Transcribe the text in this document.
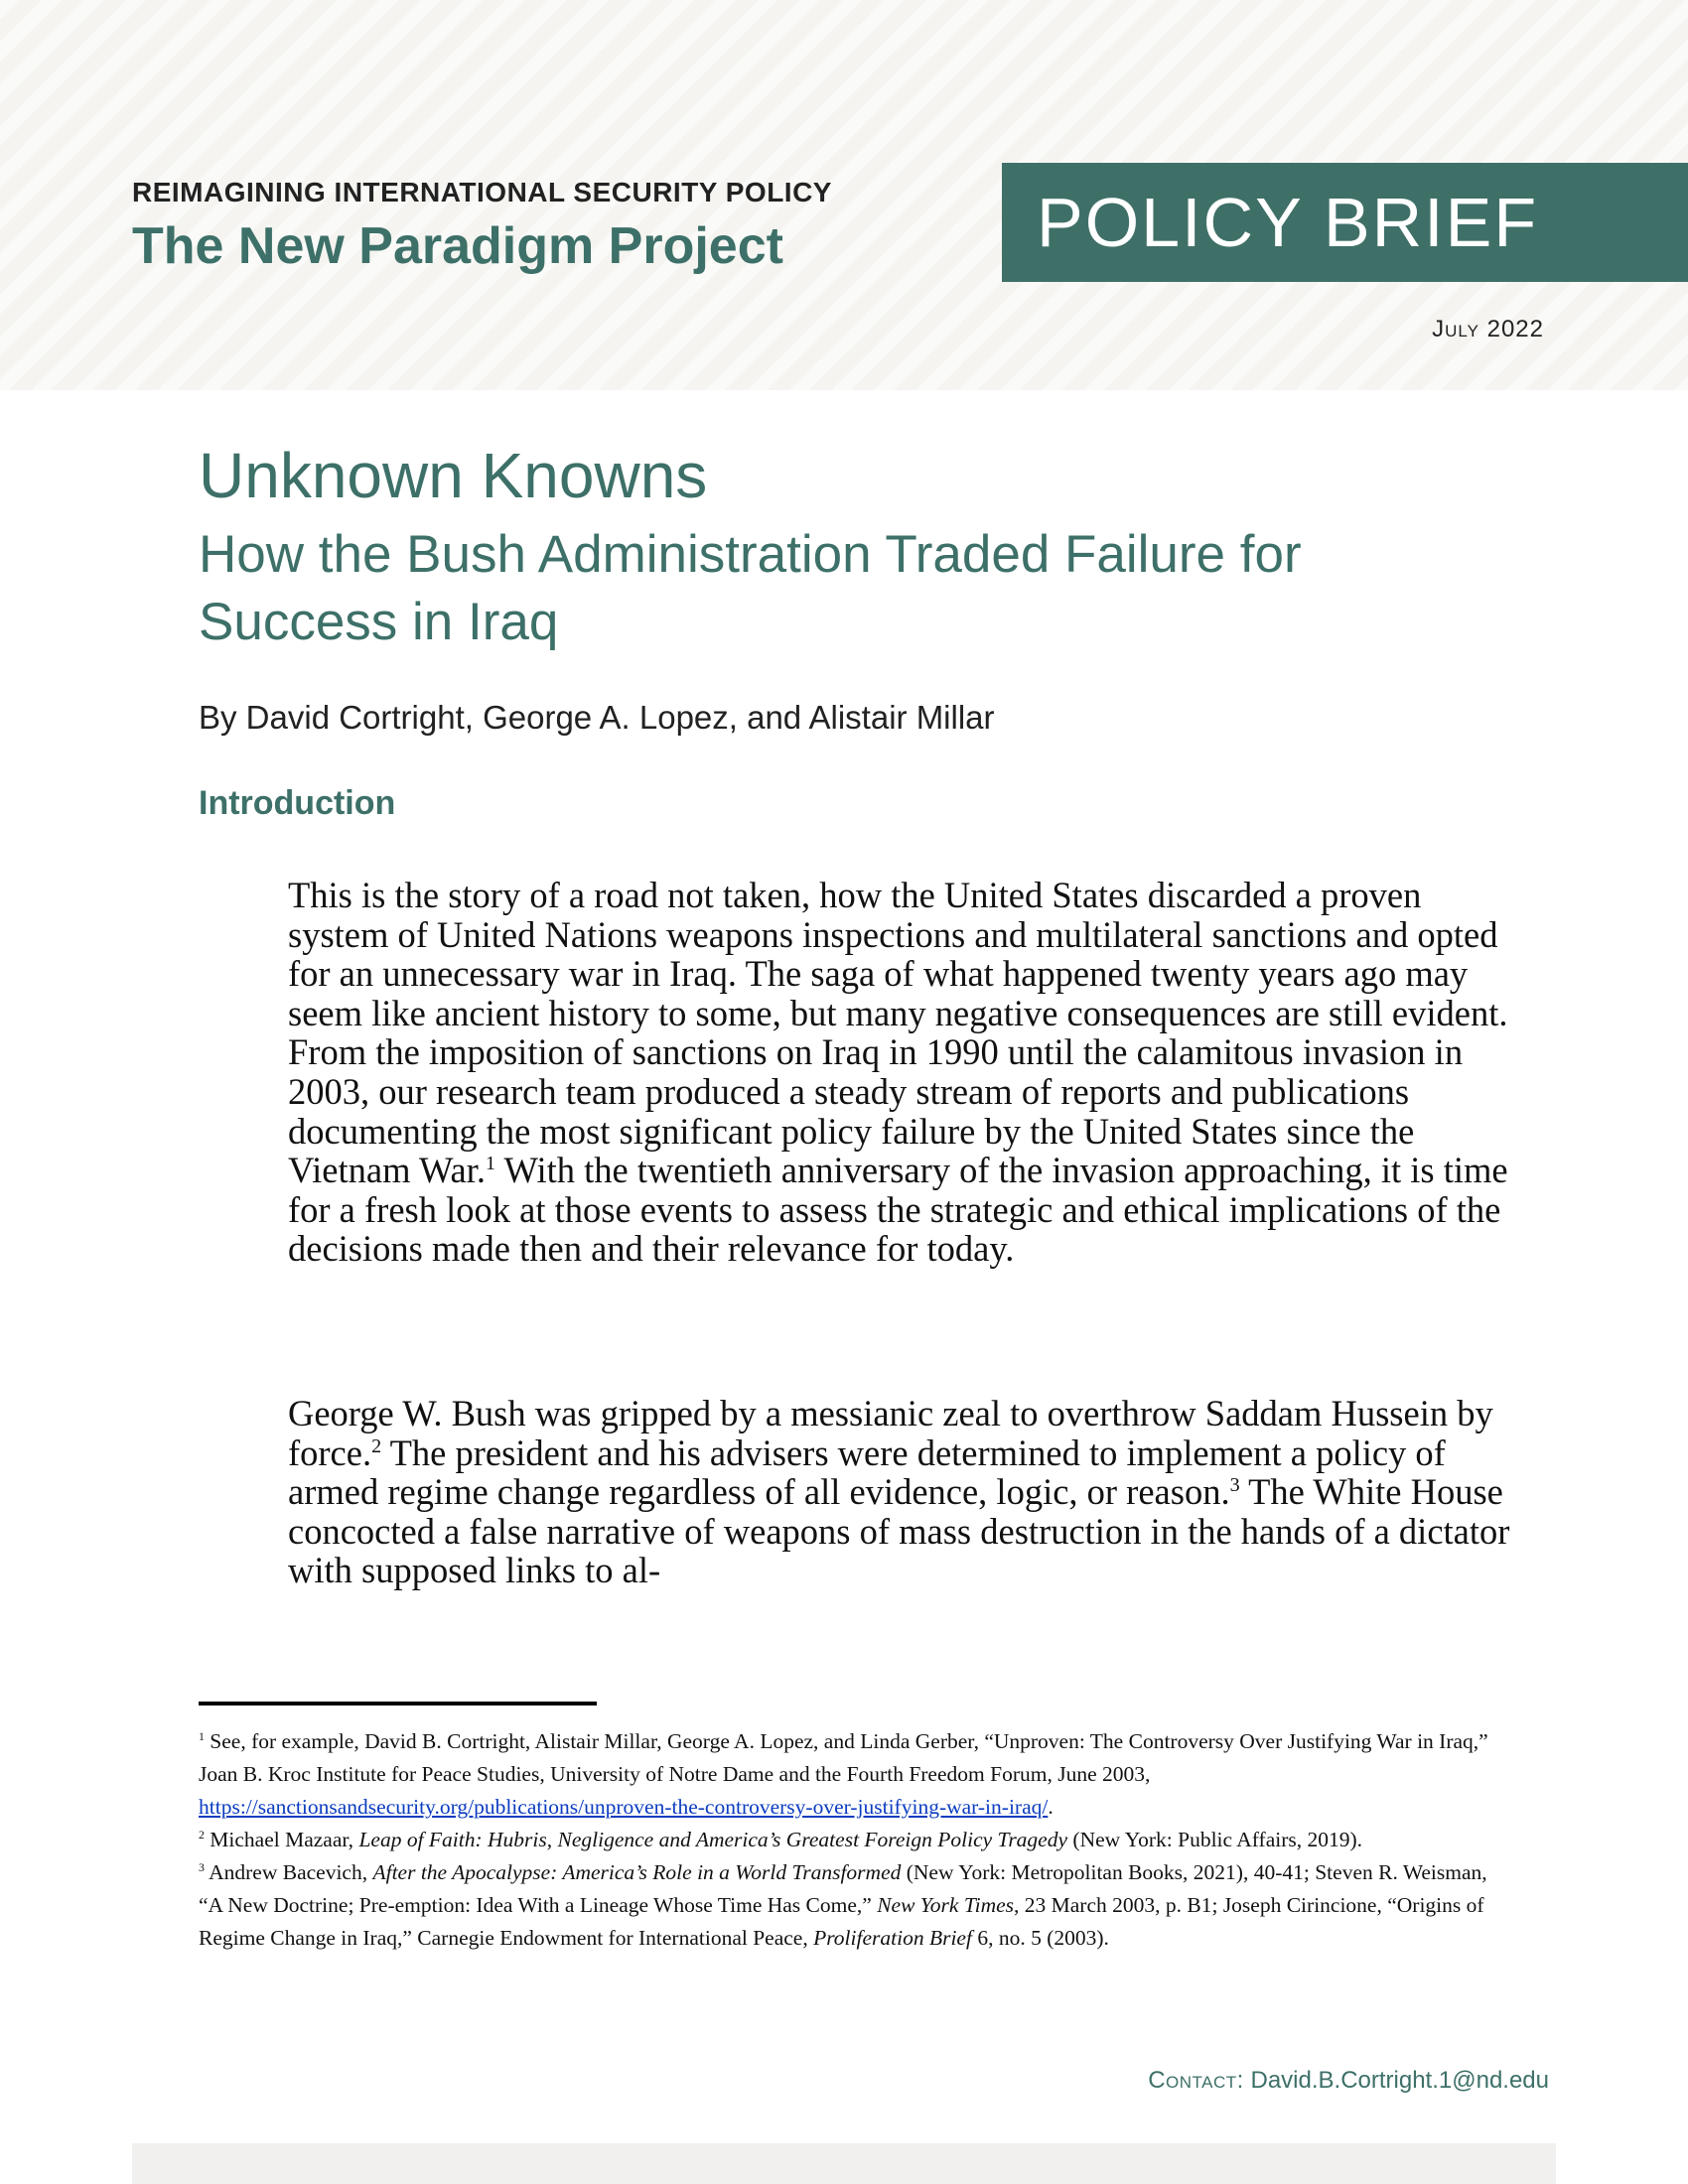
REIMAGINING INTERNATIONAL SECURITY POLICY

The New Paradigm Project	POLICY BRIEF
July 2022
Unknown Knowns
How the Bush Administration Traded Failure for Success in Iraq

By David Cortright, George A. Lopez, and Alistair Millar

Introduction

This is the story of a road not taken, how the United States discarded a proven system of United Nations weapons inspections and multilateral sanctions and opted for an unnecessary war in Iraq. The saga of what happened twenty years ago may seem like ancient history to some, but many negative consequences are still evident. From the imposition of sanctions on Iraq in 1990 until the calamitous invasion in 2003, our research team produced a steady stream of reports and publications documenting the most significant policy failure by the United States since the Vietnam War.$^1$ With the twentieth anniversary of the invasion approaching, it is time for a fresh look at those events to assess the strategic and ethical implications of the decisions made then and their relevance for today.

George W. Bush was gripped by a messianic zeal to overthrow Saddam Hussein by force.$^2$ The president and his advisers were determined to implement a policy of armed regime change regardless of all evidence, logic, or reason.$^3$ The White House concocted a false narrative of weapons of mass destruction in the hands of a dictator with supposed links to al-

$^1$ See, for example, David B. Cortright, Alistair Millar, George A. Lopez, and Linda Gerber, “Unproven: The Controversy Over Justifying War in Iraq,” Joan B. Kroc Institute for Peace Studies, University of Notre Dame and the Fourth Freedom Forum, June 2003, https://sanctionsandsecurity.org/publications/unproven-the-controversy-over-justifying-war-in-iraq/.

$^2$ Michael Mazaar, Leap of Faith: Hubris, Negligence and America’s Greatest Foreign Policy Tragedy (New York: Public Affairs, 2019).

$^3$ Andrew Bacevich, After the Apocalypse: America’s Role in a World Transformed (New York: Metropolitan Books, 2021), 40-41; Steven R. Weisman, “A New Doctrine; Pre-emption: Idea With a Lineage Whose Time Has Come,” New York Times, 23 March 2003, p. B1; Joseph Cirincione, “Origins of Regime Change in Iraq,” Carnegie Endowment for International Peace, Proliferation Brief 6, no. 5 (2003).

Contact: David.B.Cortright.1@nd.edu
